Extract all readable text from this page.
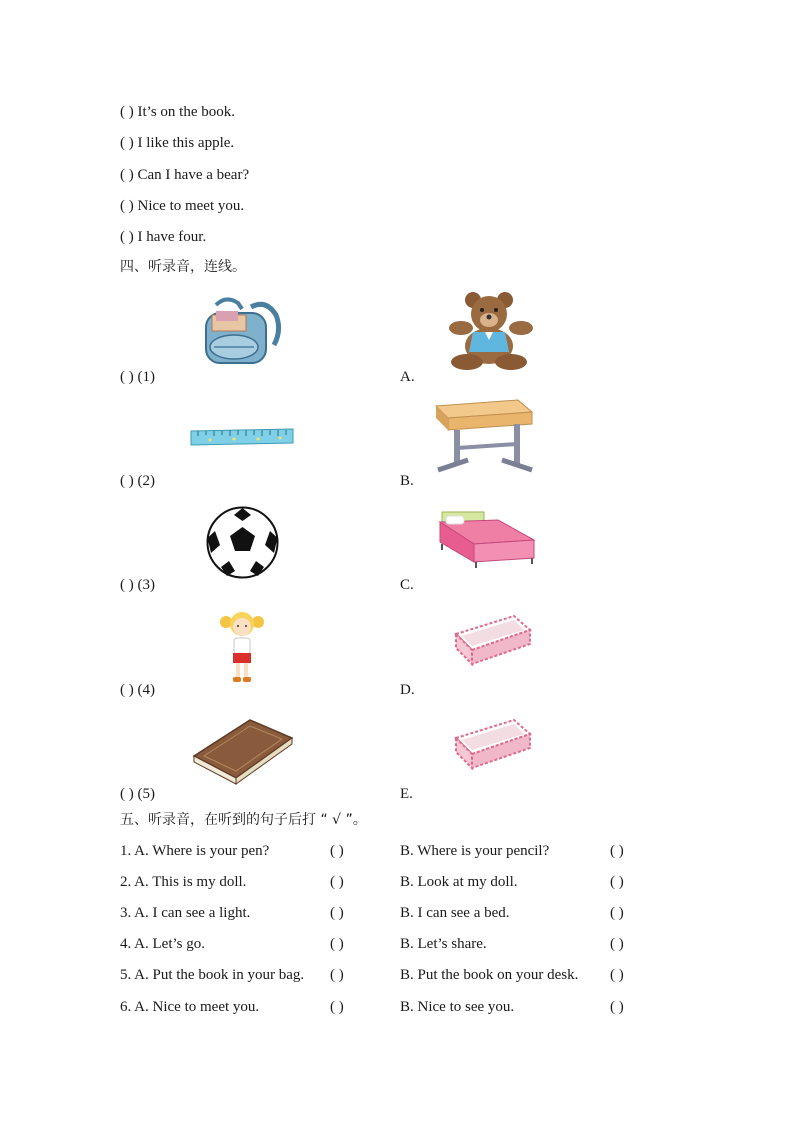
( ) It’s on the book.
( ) I like this apple.
( ) Can I have a bear?
( ) Nice to meet you.
( ) I have four.
四、听录音，连线。
( ) (1)	A.
( ) (2)	B.
( ) (3)	C.
( ) (4)	D.
( ) (5)	E.
五、听录音，在听到的句子后打 “ √ ”。
1. A. Where is your pen?	( )	B. Where is your pencil?	( )
2. A. This is my doll.	( )	B. Look at my doll.	( )
3. A. I can see a light.	( )	B. I can see a bed.	( )
4. A. Let’s go.	( )	B. Let’s share.	( )
5. A. Put the book in your bag. ( )	B. Put the book on your desk. ( )
6. A. Nice to meet you.	( )	B. Nice to see you.	( )
